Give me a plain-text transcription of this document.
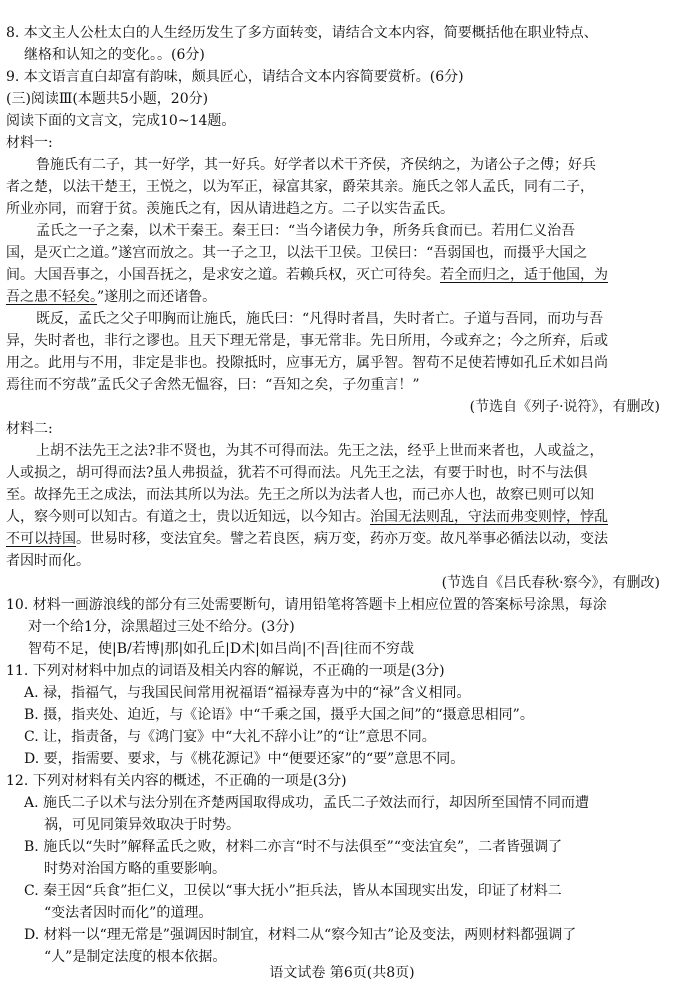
8. 本文主人公杜太白的人生经历发生了多方面转变，请结合文本内容，简要概括他在职业特点、
继格和认知之的变化。。(6分)
9. 本文语言直白却富有韵味，颇具匠心，请结合文本内容简要赏析。(6分)
(三)阅读Ⅲ(本题共5小题，20分)
阅读下面的文言文，完成10~14题。
材料一:
鲁施氏有二子，其一好学，其一好兵。好学者以术干齐侯，齐侯纳之，为诸公子之傅；好兵
者之楚，以法干楚王，王悦之，以为军正，禄富其家，爵荣其亲。施氏之邻人孟氏，同有二子，
所业亦同，而窘于贫。羡施氏之有，因从请进趋之方。二子以实告孟氏。
孟氏之一子之秦，以术干秦王。秦王曰：“当今诸侯力争，所务兵食而已。若用仁义治吾
国，是灭亡之道。”遂宫而放之。其一子之卫，以法干卫侯。卫侯曰：“吾弱国也，而摄乎大国之
间。大国吾事之，小国吾抚之，是求安之道。若赖兵权，灭亡可待矣。若全而归之，适于他国，为
吾之患不轻矣。”遂刖之而还诸鲁。
既反，孟氏之父子叩胸而让施氏，施氏曰：“凡得时者昌，失时者亡。子道与吾同，而功与吾
异，失时者也，非行之谬也。且天下理无常是，事无常非。先日所用，今或弃之；今之所弃，后或
用之。此用与不用，非定是非也。投隙抵时，应事无方，属乎智。智苟不足使若博如孔丘术如吕尚
焉往而不穷哉”孟氏父子舍然无愠容，曰：“吾知之矣，子勿重言！”
(节选自《列子·说符》，有删改)
材料二:
上胡不法先王之法?非不贤也，为其不可得而法。先王之法，经乎上世而来者也，人或益之，
人或损之，胡可得而法?虽人弗损益，犹若不可得而法。凡先王之法，有要于时也，时不与法俱
至。故择先王之成法，而法其所以为法。先王之所以为法者人也，而己亦人也，故察已则可以知
人，察今则可以知古。有道之士，贵以近知远，以今知古。治国无法则乱，守法而弗变则悖，悖乱
不可以持国。世易时移，变法宜矣。譬之若良医，病万变，药亦万变。故凡举事必循法以动，变法
者因时而化。
(节选自《吕氏春秋·察今》，有删改)
10. 材料一画游浪线的部分有三处需要断句，请用铅笔将答题卡上相应位置的答案标号涂黑，每涂
对一个给1分，涂黑超过三处不给分。(3分)
智苟不足，使|B/若博|那|如孔丘|D术|如吕尚|不|吾|往而不穷哉
11. 下列对材料中加点的词语及相关内容的解说，不正确的一项是(3分)
A. 禄，指福气，与我国民间常用祝福语“福禄寿喜为中的“禄”含义相同。
B. 摄，指夹处、迫近，与《论语》中“千乘之国，摄乎大国之间”的“摄意思相同”。
C. 让，指责备，与《鸿门宴》中“大礼不辞小让”的“让”意思不同。
D. 要，指需要、要求，与《桃花源记》中“便要还家”的“要”意思不同。
12. 下列对材料有关内容的概述，不正确的一项是(3分)
A. 施氏二子以术与法分别在齐楚两国取得成功，孟氏二子效法而行，却因所至国情不同而遭
祸，可见同策异效取决于时势。
B. 施氏以“失时”解释孟氏之败，材料二亦言“时不与法俱至”“变法宜矣”，二者皆强调了
时势对治国方略的重要影响。
C. 秦王因“兵食”拒仁义，卫侯以“事大抚小”拒兵法，皆从本国现实出发，印证了材料二
“变法者因时而化”的道理。
D. 材料一以“理无常是”强调因时制宜，材料二从“察今知古”论及变法，两则材料都强调了
“人”是制定法度的根本依据。
语文试卷 第6页(共8页)
